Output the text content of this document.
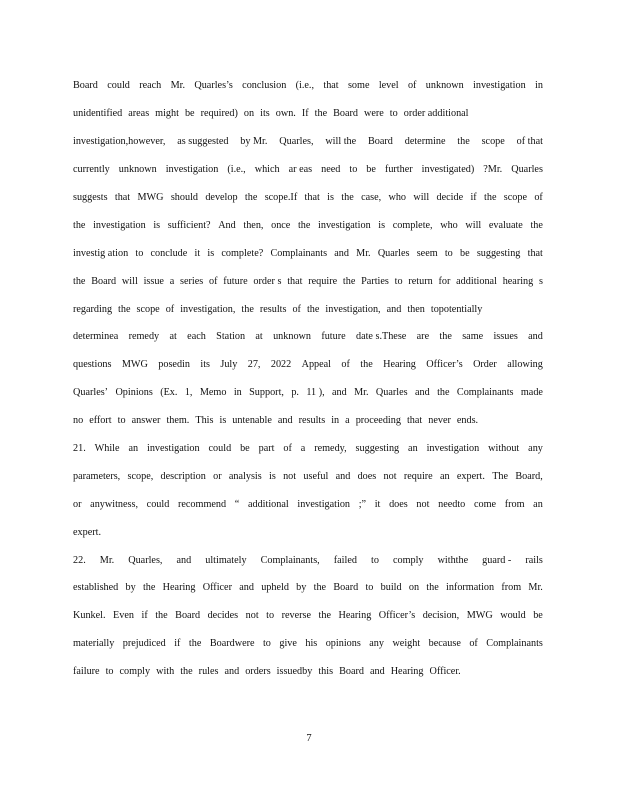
Board could reach Mr. Quarles’s conclusion (i.e., that some level of unknown investigation in
unidentified areas might be required) on its own. If the Board were to order additional
investigation,however, as suggested by Mr. Quarles, will the Board determine the scope of that
currently unknown investigation (i.e., which ar eas need to be further investigated) ?Mr. Quarles
suggests that MWG should develop the scope.If that is the case, who will decide if the scope of
the investigation is sufficient? And then, once the investigation is complete, who will evaluate the
investig ation to conclude it is complete? Complainants and Mr. Quarles seem to be suggesting that
the Board will issue a series of future order s that require the Parties to return for additional hearing s
regarding the scope of investigation, the results of the investigation, and then topotentially
determinea remedy at each Station at unknown future date s.These are the same issues and
questions MWG posedin its July 27, 2022 Appeal of the Hearing Officer’s Order allowing
Quarles’ Opinions (Ex. 1, Memo in Support, p. 11 ), and Mr. Quarles and the Complainants made
no effort to answer them. This is untenable and results in a proceeding that never ends.
21. While an investigation could be part of a remedy, suggesting an investigation without any
parameters, scope, description or analysis is not useful and does not require an expert. The Board,
or anywitness, could recommend “ additional investigation ;” it does not needto come from an
expert.
22. Mr. Quarles, and ultimately Complainants, failed to comply withthe guard - rails
established by the Hearing Officer and upheld by the Board to build on the information from Mr.
Kunkel. Even if the Board decides not to reverse the Hearing Officer’s decision, MWG would be
materially prejudiced if the Boardwere to give his opinions any weight because of Complainants
failure to comply with the rules and orders issuedby this Board and Hearing Officer.
7
